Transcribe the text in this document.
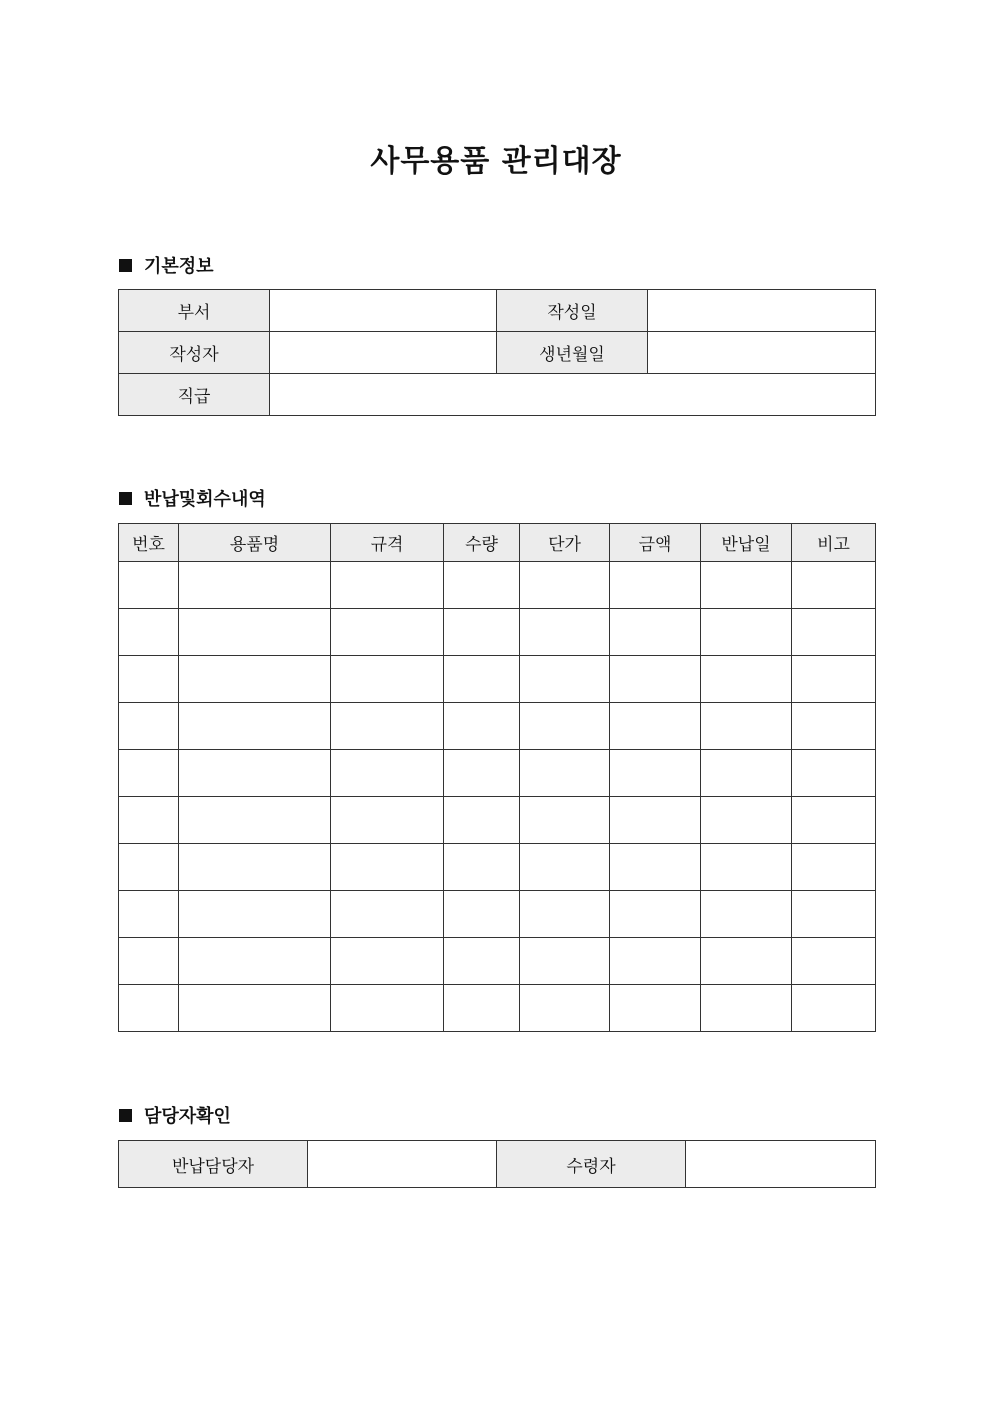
사무용품 관리대장
기본정보
부서		작성일	
작성자		생년월일	
직급			
반납및회수내역
번호	용품명	규격	수량	단가	금액	반납일	비고

담당자확인
반납담당자		수령자	
